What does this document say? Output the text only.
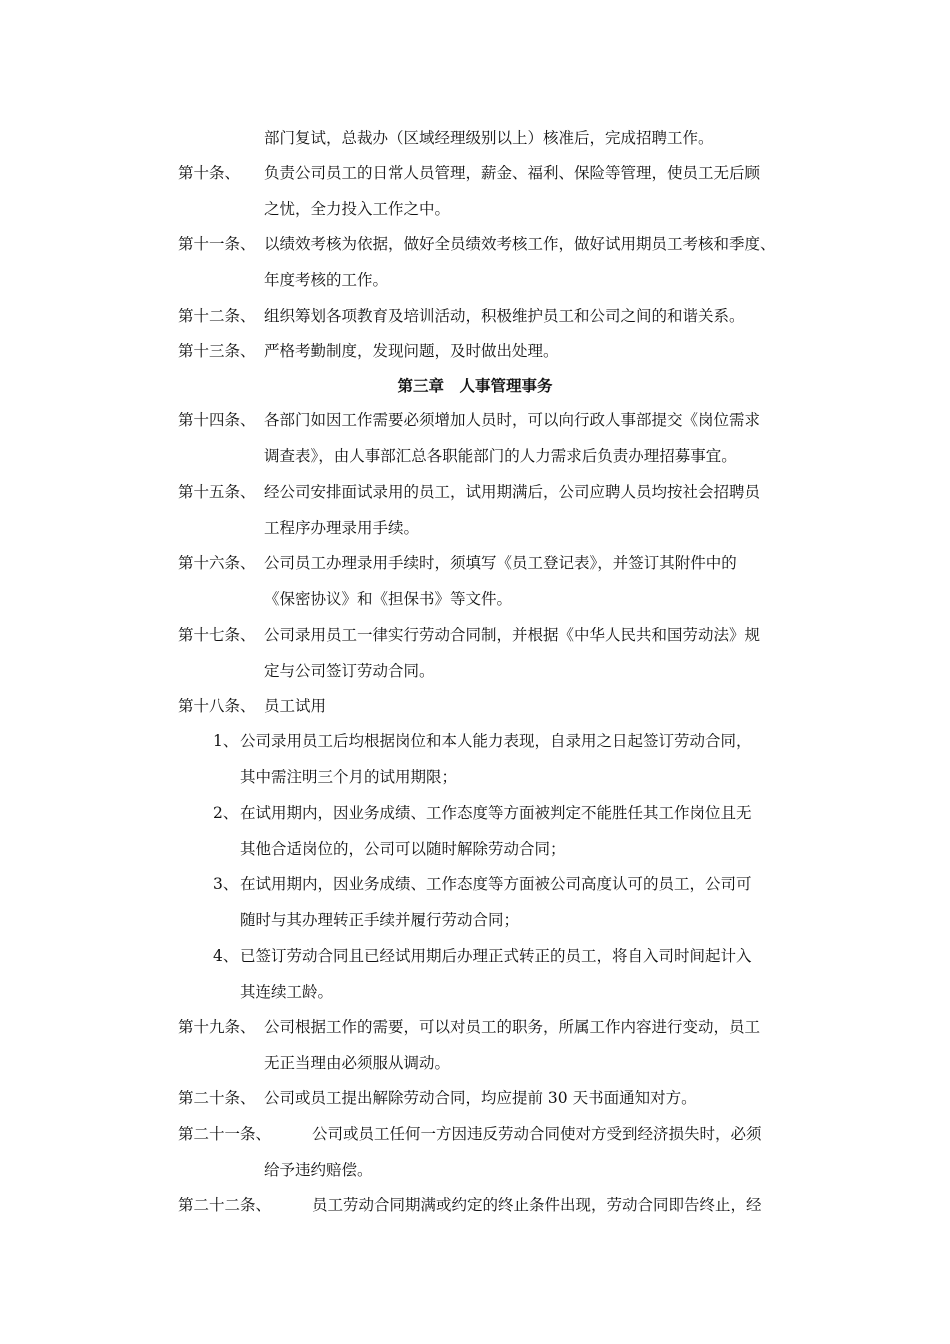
部门复试，总裁办（区域经理级别以上）核准后，完成招聘工作。
第十条、 负责公司员工的日常人员管理，薪金、福利、保险等管理，使员工无后顾
之忧，全力投入工作之中。
第十一条、 以绩效考核为依据，做好全员绩效考核工作，做好试用期员工考核和季度、
年度考核的工作。
第十二条、 组织筹划各项教育及培训活动，积极维护员工和公司之间的和谐关系。
第十三条、 严格考勤制度，发现问题，及时做出处理。
第三章　人事管理事务
第十四条、 各部门如因工作需要必须增加人员时，可以向行政人事部提交《岗位需求
调查表》，由人事部汇总各职能部门的人力需求后负责办理招募事宜。
第十五条、 经公司安排面试录用的员工，试用期满后，公司应聘人员均按社会招聘员
工程序办理录用手续。
第十六条、 公司员工办理录用手续时，须填写《员工登记表》，并签订其附件中的
《保密协议》和《担保书》等文件。
第十七条、 公司录用员工一律实行劳动合同制，并根据《中华人民共和国劳动法》规
定与公司签订劳动合同。
第十八条、 员工试用
1、 公司录用员工后均根据岗位和本人能力表现，自录用之日起签订劳动合同，
其中需注明三个月的试用期限；
2、 在试用期内，因业务成绩、工作态度等方面被判定不能胜任其工作岗位且无
其他合适岗位的，公司可以随时解除劳动合同；
3、 在试用期内，因业务成绩、工作态度等方面被公司高度认可的员工，公司可
随时与其办理转正手续并履行劳动合同；
4、 已签订劳动合同且已经试用期后办理正式转正的员工，将自入司时间起计入
其连续工龄。
第十九条、 公司根据工作的需要，可以对员工的职务，所属工作内容进行变动，员工
无正当理由必须服从调动。
第二十条、 公司或员工提出解除劳动合同，均应提前 30 天书面通知对方。
第二十一条、	公司或员工任何一方因违反劳动合同使对方受到经济损失时，必须
给予违约赔偿。
第二十二条、	员工劳动合同期满或约定的终止条件出现，劳动合同即告终止，经
